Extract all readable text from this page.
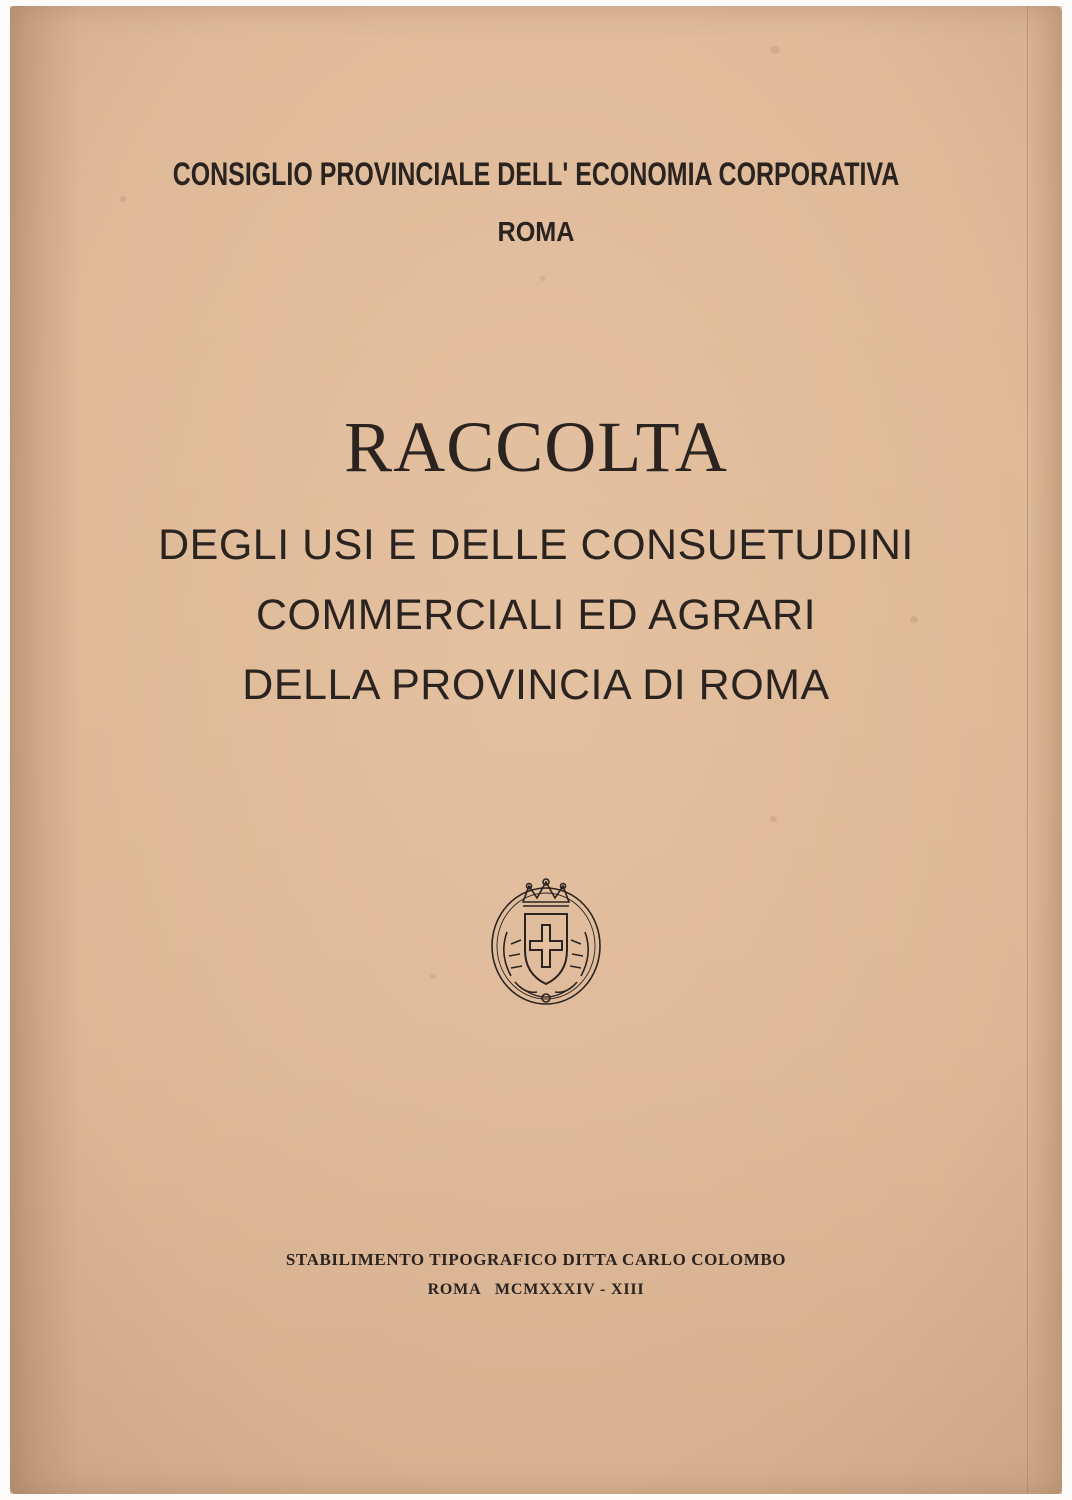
CONSIGLIO PROVINCIALE DELL' ECONOMIA CORPORATIVA
ROMA
RACCOLTA
DEGLI USI E DELLE CONSUETUDINI
COMMERCIALI ED AGRARI
DELLA PROVINCIA DI ROMA
STABILIMENTO TIPOGRAFICO DITTA CARLO COLOMBO
ROMA   MCMXXXIV - XIII
